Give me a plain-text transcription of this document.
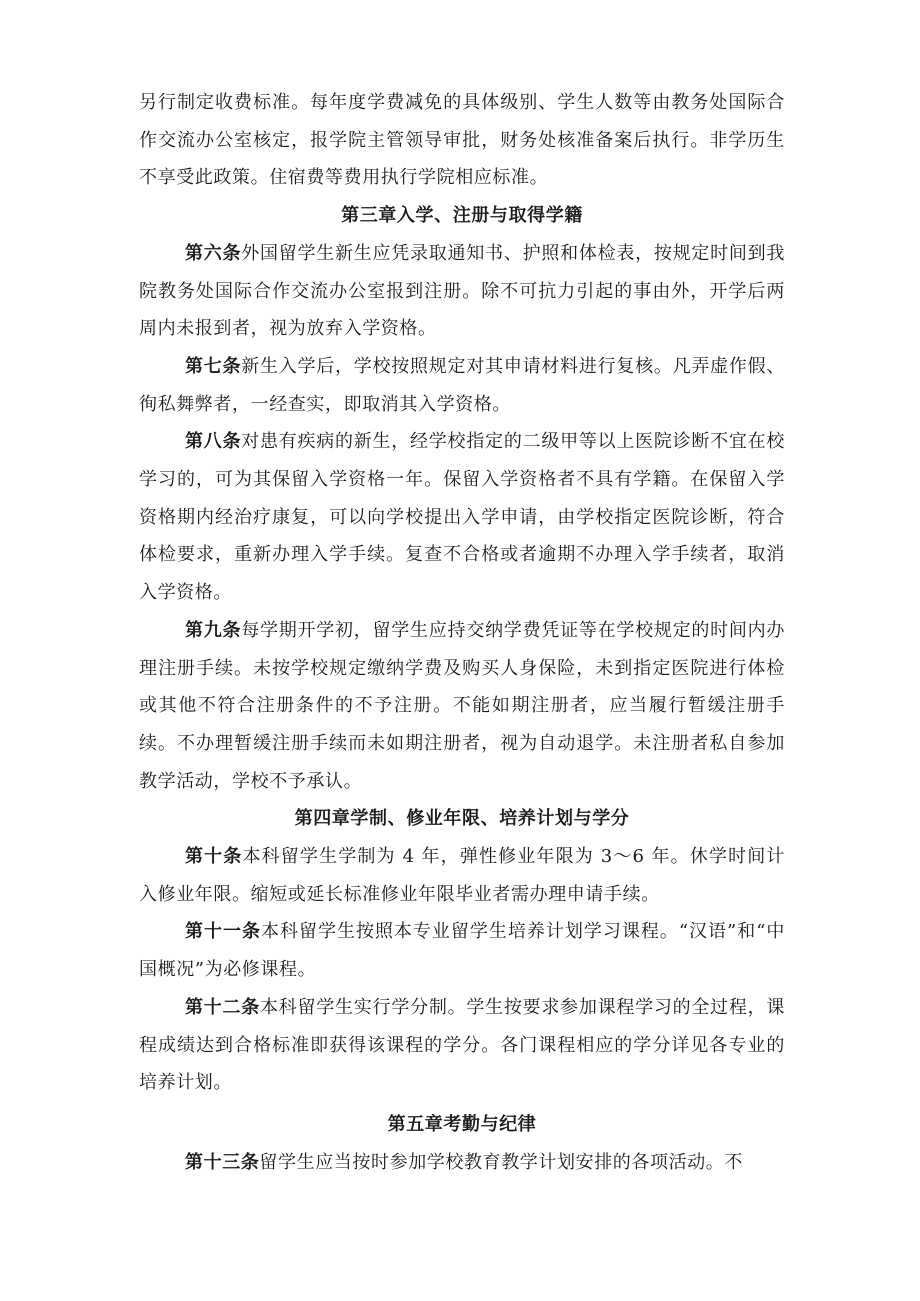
另行制定收费标准。每年度学费减免的具体级别、学生人数等由教务处国际合作交流办公室核定，报学院主管领导审批，财务处核准备案后执行。非学历生不享受此政策。住宿费等费用执行学院相应标准。

第三章入学、注册与取得学籍

第六条外国留学生新生应凭录取通知书、护照和体检表，按规定时间到我院教务处国际合作交流办公室报到注册。除不可抗力引起的事由外，开学后两周内未报到者，视为放弃入学资格。

第七条新生入学后，学校按照规定对其申请材料进行复核。凡弄虚作假、徇私舞弊者，一经查实，即取消其入学资格。

第八条对患有疾病的新生，经学校指定的二级甲等以上医院诊断不宜在校学习的，可为其保留入学资格一年。保留入学资格者不具有学籍。在保留入学资格期内经治疗康复，可以向学校提出入学申请，由学校指定医院诊断，符合体检要求，重新办理入学手续。复查不合格或者逾期不办理入学手续者，取消入学资格。

第九条每学期开学初，留学生应持交纳学费凭证等在学校规定的时间内办理注册手续。未按学校规定缴纳学费及购买人身保险，未到指定医院进行体检或其他不符合注册条件的不予注册。不能如期注册者，应当履行暂缓注册手续。不办理暂缓注册手续而未如期注册者，视为自动退学。未注册者私自参加教学活动，学校不予承认。

第四章学制、修业年限、培养计划与学分

第十条本科留学生学制为 4 年，弹性修业年限为 3～6 年。休学时间计入修业年限。缩短或延长标准修业年限毕业者需办理申请手续。

第十一条本科留学生按照本专业留学生培养计划学习课程。“汉语”和“中国概况”为必修课程。

第十二条本科留学生实行学分制。学生按要求参加课程学习的全过程，课程成绩达到合格标准即获得该课程的学分。各门课程相应的学分详见各专业的培养计划。

第五章考勤与纪律

第十三条留学生应当按时参加学校教育教学计划安排的各项活动。不
